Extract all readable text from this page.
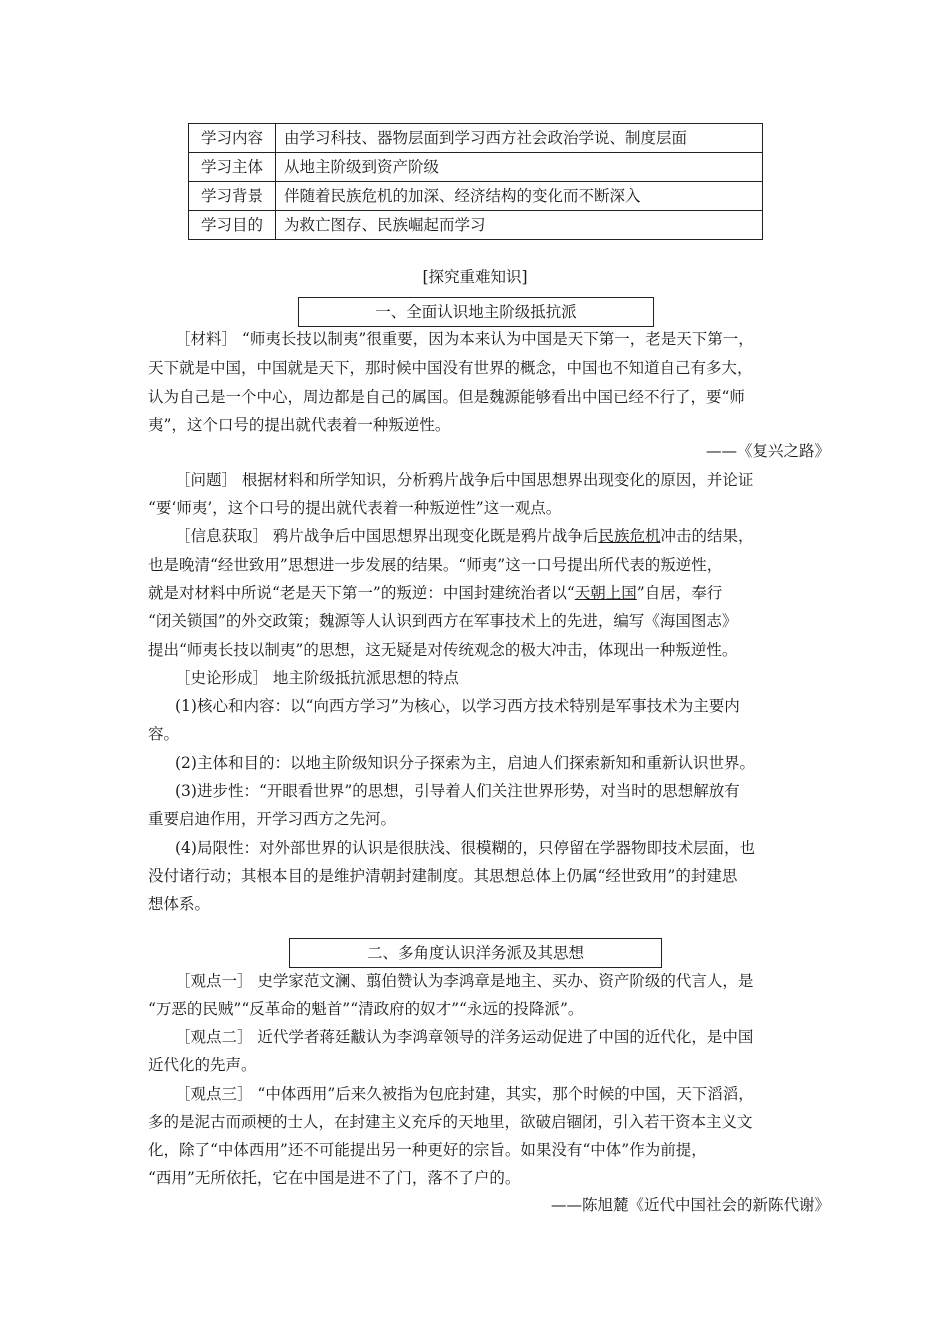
学习内容	由学习科技、器物层面到学习西方社会政治学说、制度层面
学习主体	从地主阶级到资产阶级
学习背景	伴随着民族危机的加深、经济结构的变化而不断深入
学习目的	为救亡图存、民族崛起而学习
[探究重难知识]
一、全面认识地主阶级抵抗派
［材料］ “师夷长技以制夷”很重要，因为本来认为中国是天下第一，老是天下第一，
天下就是中国，中国就是天下，那时候中国没有世界的概念，中国也不知道自己有多大，
认为自己是一个中心，周边都是自己的属国。但是魏源能够看出中国已经不行了，要“师
夷”，这个口号的提出就代表着一种叛逆性。
——《复兴之路》
［问题］ 根据材料和所学知识，分析鸦片战争后中国思想界出现变化的原因，并论证
“要‘师夷’，这个口号的提出就代表着一种叛逆性”这一观点。
［信息获取］ 鸦片战争后中国思想界出现变化既是鸦片战争后民族危机冲击的结果，
也是晚清“经世致用”思想进一步发展的结果。“师夷”这一口号提出所代表的叛逆性，
就是对材料中所说“老是天下第一”的叛逆：中国封建统治者以“天朝上国”自居，奉行
“闭关锁国”的外交政策；魏源等人认识到西方在军事技术上的先进，编写《海国图志》
提出“师夷长技以制夷”的思想，这无疑是对传统观念的极大冲击，体现出一种叛逆性。
［史论形成］ 地主阶级抵抗派思想的特点
(1)核心和内容：以“向西方学习”为核心，以学习西方技术特别是军事技术为主要内
容。
(2)主体和目的：以地主阶级知识分子探索为主，启迪人们探索新知和重新认识世界。
(3)进步性：“开眼看世界”的思想，引导着人们关注世界形势，对当时的思想解放有
重要启迪作用，开学习西方之先河。
(4)局限性：对外部世界的认识是很肤浅、很模糊的，只停留在学器物即技术层面，也
没付诸行动；其根本目的是维护清朝封建制度。其思想总体上仍属“经世致用”的封建思
想体系。
二、多角度认识洋务派及其思想
［观点一］ 史学家范文澜、翦伯赞认为李鸿章是地主、买办、资产阶级的代言人，是
“万恶的民贼”“反革命的魁首”“清政府的奴才”“永远的投降派”。
［观点二］ 近代学者蒋廷黻认为李鸿章领导的洋务运动促进了中国的近代化，是中国
近代化的先声。
［观点三］ “中体西用”后来久被指为包庇封建，其实，那个时候的中国，天下滔滔，
多的是泥古而顽梗的士人，在封建主义充斥的天地里，欲破启锢闭，引入若干资本主义文
化，除了“中体西用”还不可能提出另一种更好的宗旨。如果没有“中体”作为前提，
“西用”无所依托，它在中国是进不了门，落不了户的。
——陈旭麓《近代中国社会的新陈代谢》
